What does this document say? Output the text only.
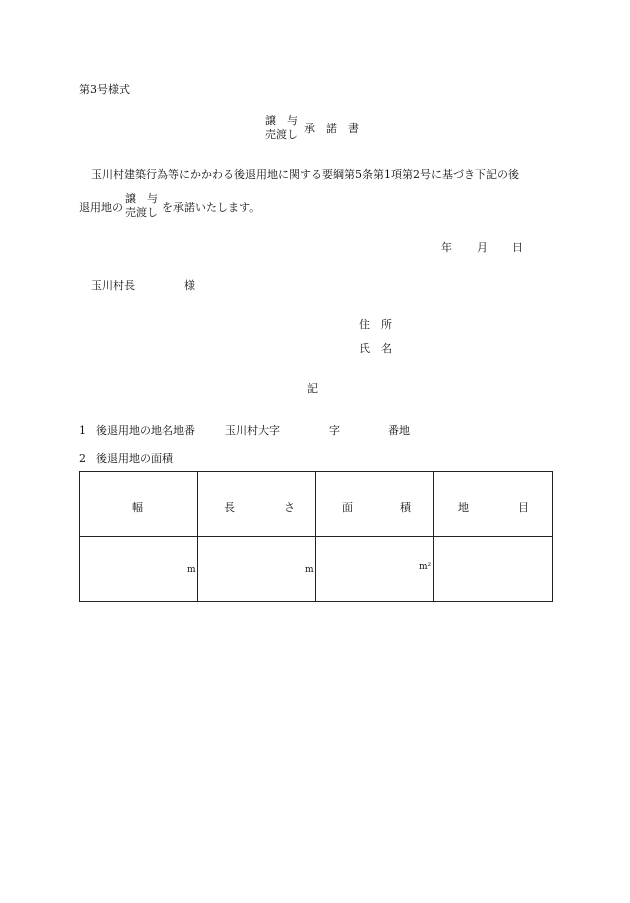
第3号様式
譲　与
売渡し 承　諾　書
玉川村建築行為等にかかわる後退用地に関する要綱第5条第1項第2号に基づき下記の後
退用地の
譲　与
売渡し を承諾いたします。
年 月 日
玉川村長	様
住　所
氏　名
記
1 後退用地の地名地番	玉川村大字	字	番地
2 後退用地の面積
幅	長 さ	面 積	地 目

m	m	m²	
